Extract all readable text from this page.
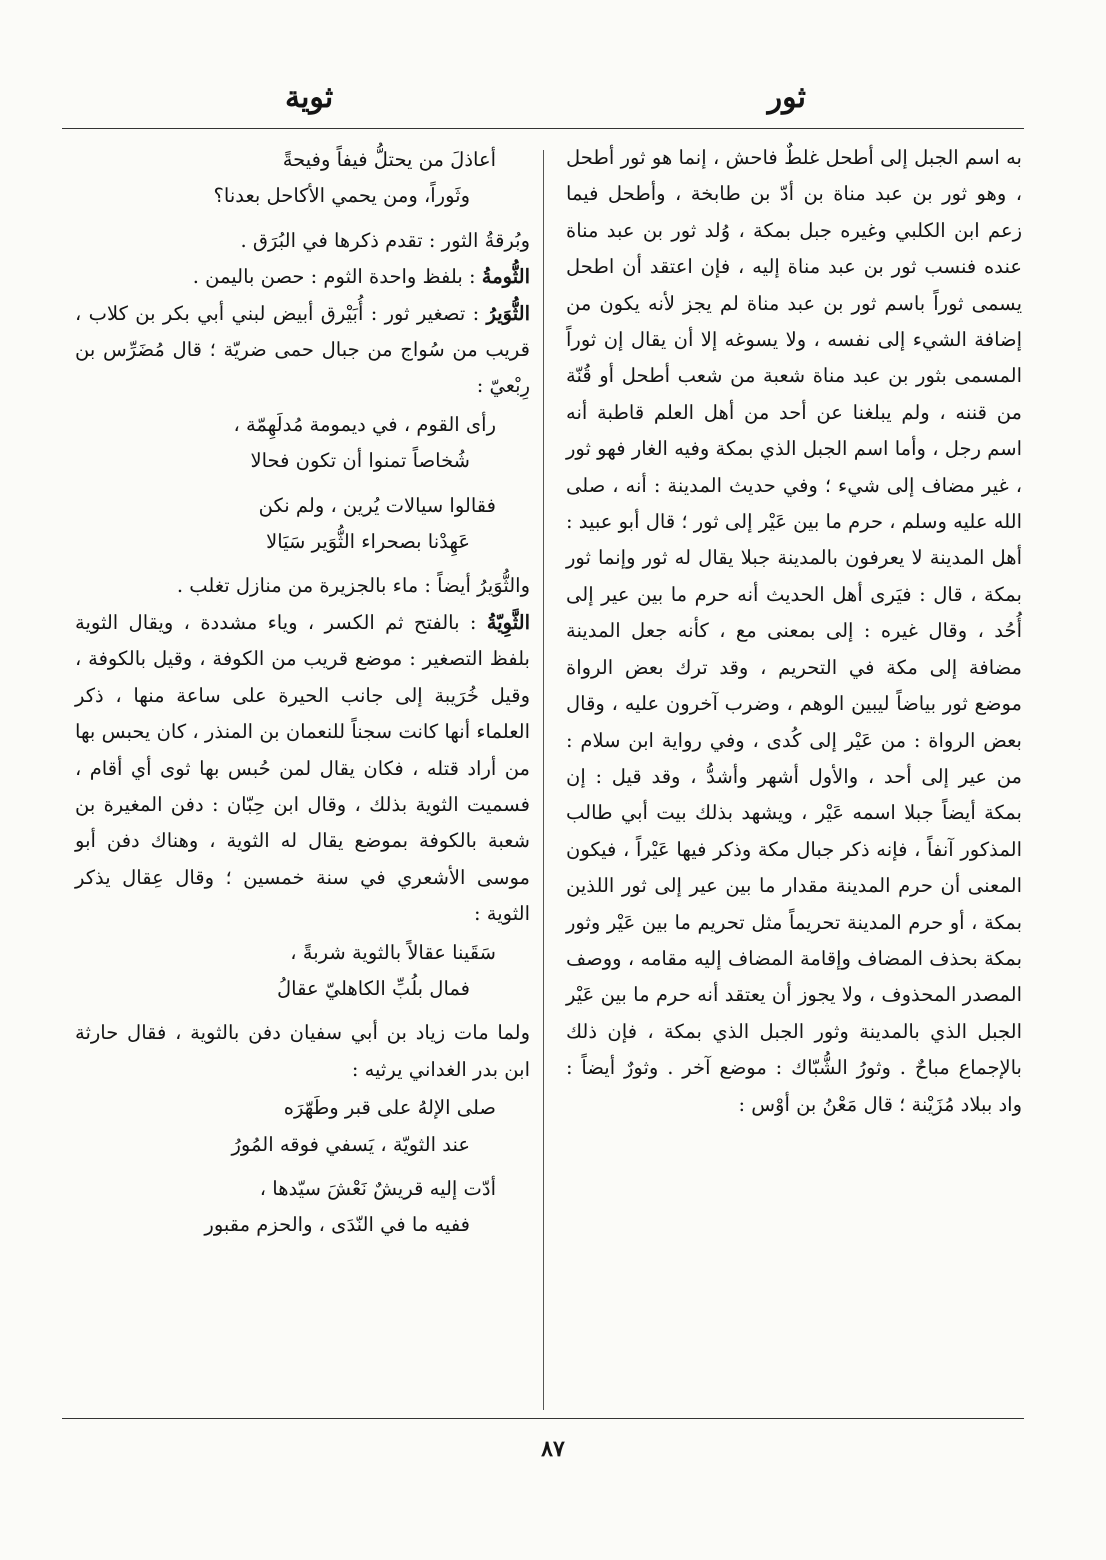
ثور
ثوية

به اسم الجبل إلى أطحل غلطٌ فاحش ، إنما هو ثور أطحل ، وهو ثور بن عبد مناة بن أدّ بن طابخة ، وأطحل فيما زعم ابن الكلبي وغيره جبل بمكة ، وُلد ثور بن عبد مناة عنده فنسب ثور بن عبد مناة إليه ، فإن اعتقد أن اطحل يسمى ثوراً باسم ثور بن عبد مناة لم يجز لأنه يكون من إضافة الشيء إلى نفسه ، ولا يسوغه إلا أن يقال إن ثوراً المسمى بثور بن عبد مناة شعبة من شعب أطحل أو قُنّة من قننه ، ولم يبلغنا عن أحد من أهل العلم قاطبة أنه اسم رجل ، وأما اسم الجبل الذي بمكة وفيه الغار فهو ثور ، غير مضاف إلى شيء ؛ وفي حديث المدينة : أنه ، صلى الله عليه وسلم ، حرم ما بين عَيْر إلى ثور ؛ قال أبو عبيد : أهل المدينة لا يعرفون بالمدينة جبلا يقال له ثور وإنما ثور بمكة ، قال : فيَرى أهل الحديث أنه حرم ما بين عير إلى أُحُد ، وقال غيره : إلى بمعنى مع ، كأنه جعل المدينة مضافة إلى مكة في التحريم ، وقد ترك بعض الرواة موضع ثور بياضاً ليبين الوهم ، وضرب آخرون عليه ، وقال بعض الرواة : من عَيْر إلى كُدى ، وفي رواية ابن سلام : من عير إلى أحد ، والأول أشهر وأشدُّ ، وقد قيل : إن بمكة أيضاً جبلا اسمه عَيْر ، ويشهد بذلك بيت أبي طالب المذكور آنفاً ، فإنه ذكر جبال مكة وذكر فيها عَيْراً ، فيكون المعنى أن حرم المدينة مقدار ما بين عير إلى ثور اللذين بمكة ، أو حرم المدينة تحريماً مثل تحريم ما بين عَيْر وثور بمكة بحذف المضاف وإقامة المضاف إليه مقامه ، ووصف المصدر المحذوف ، ولا يجوز أن يعتقد أنه حرم ما بين عَيْر الجبل الذي بالمدينة وثور الجبل الذي بمكة ، فإن ذلك بالإجماع مباحٌ . وثورُ الشُّبّاك : موضع آخر . وثورٌ أيضاً : واد ببلاد مُزَيْنة ؛ قال مَعْنُ بن أوْس :

أعاذلَ من يحتلُّ فيفاً وفيحةً
وثَوراً، ومن يحمي الأكاحل بعدنا؟

وبُرقةُ الثور : تقدم ذكرها في البُرَق .

الثُّومةُ : بلفظ واحدة الثوم : حصن باليمن .

الثُّوَيرُ : تصغير ثور : أُبَيْرق أبيض لبني أبي بكر بن كلاب ، قريب من سُواج من جبال حمى ضريّة ؛ قال مُضَرِّس بن رِبْعيّ :

رأى القوم ، في ديمومة مُدلَهِمّة ،
شُخاصاً تمنوا أن تكون فحالا
فقالوا سيالات يُرين ، ولم نكن
عَهِدْنا بصحراء الثُّوَير سَيَالا

والثُّوَيرُ أيضاً : ماء بالجزيرة من منازل تغلب .

الثَّوِيّةُ : بالفتح ثم الكسر ، وياء مشددة ، ويقال الثوية بلفظ التصغير : موضع قريب من الكوفة ، وقيل بالكوفة ، وقيل خُرَيبة إلى جانب الحيرة على ساعة منها ، ذكر العلماء أنها كانت سجناً للنعمان بن المنذر ، كان يحبس بها من أراد قتله ، فكان يقال لمن حُبس بها ثوى أي أقام ، فسميت الثوية بذلك ، وقال ابن حِبّان : دفن المغيرة بن شعبة بالكوفة بموضع يقال له الثوية ، وهناك دفن أبو موسى الأشعري في سنة خمسين ؛ وقال عِقال يذكر الثوية :

سَقَينا عقالاً بالثوية شربةً ،
فمال بلُبِّ الكاهليّ عقالُ

ولما مات زياد بن أبي سفيان دفن بالثوية ، فقال حارثة ابن بدر الغداني يرثيه :

صلى الإلهُ على قبر وطَهّرَه
عند الثويّة ، يَسفي فوقه المُورُ
أدّت إليه قريشٌ نَعْشَ سيّدها ،
ففيه ما في النّدَى ، والحزم مقبور
٨٧
